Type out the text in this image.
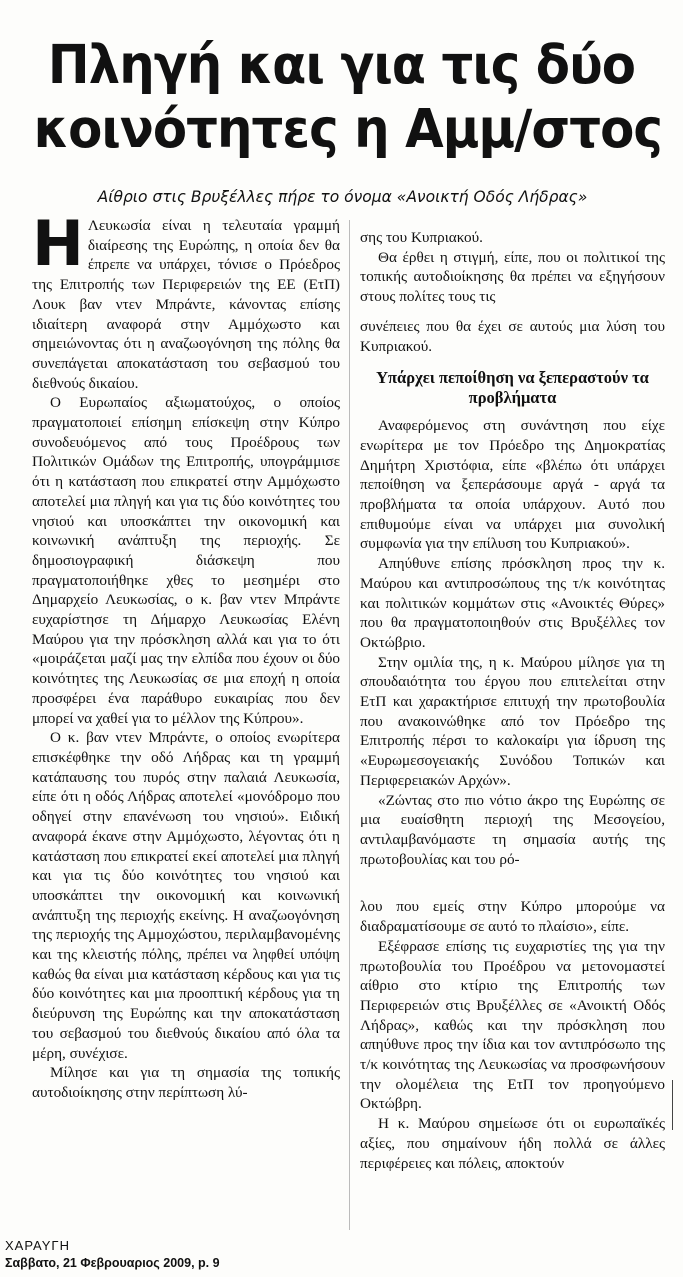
Πληγή και για τις δύο
κοινότητες η Αμμ/στος
Αίθριο στις Βρυξέλλες πήρε το όνομα «Ανοικτή Οδός Λήδρας»

Η Λευκωσία είναι η τελευταία γραμμή διαίρεσης της Ευρώπης, η οποία δεν θα έπρεπε να υπάρχει, τόνισε ο Πρόεδρος της Επιτροπής των Περιφερειών της ΕΕ (ΕτΠ) Λουκ βαν ντεν Μπράντε, κάνοντας επίσης ιδιαίτερη αναφορά στην Αμμόχωστο και σημειώνοντας ότι η αναζωογόνηση της πόλης θα συνεπάγεται αποκατάσταση του σεβασμού του διεθνούς δικαίου.

Ο Ευρωπαίος αξιωματούχος, ο οποίος πραγματοποιεί επίσημη επίσκεψη στην Κύπρο συνοδευόμενος από τους Προέδρους των Πολιτικών Ομάδων της Επιτροπής, υπογράμμισε ότι η κατάσταση που επικρατεί στην Αμμόχωστο αποτελεί μια πληγή και για τις δύο κοινότητες του νησιού και υποσκάπτει την οικονομική και κοινωνική ανάπτυξη της περιοχής. Σε δημοσιογραφική διάσκεψη που πραγματοποιήθηκε χθες το μεσημέρι στο Δημαρχείο Λευκωσίας, ο κ. βαν ντεν Μπράντε ευχαρίστησε τη Δήμαρχο Λευκωσίας Ελένη Μαύρου για την πρόσκληση αλλά και για το ότι «μοιράζεται μαζί μας την ελπίδα που έχουν οι δύο κοινότητες της Λευκωσίας σε μια εποχή η οποία προσφέρει ένα παράθυρο ευκαιρίας που δεν μπορεί να χαθεί για το μέλλον της Κύπρου».

Ο κ. βαν ντεν Μπράντε, ο οποίος ενωρίτερα επισκέφθηκε την οδό Λήδρας και τη γραμμή κατάπαυσης του πυρός στην παλαιά Λευκωσία, είπε ότι η οδός Λήδρας αποτελεί «μονόδρομο που οδηγεί στην επανένωση του νησιού». Ειδική αναφορά έκανε στην Αμμόχωστο, λέγοντας ότι η κατάσταση που επικρατεί εκεί αποτελεί μια πληγή και για τις δύο κοινότητες του νησιού και υποσκάπτει την οικονομική και κοινωνική ανάπτυξη της περιοχής εκείνης. Η αναζωογόνηση της περιοχής της Αμμοχώστου, περιλαμβανομένης και της κλειστής πόλης, πρέπει να ληφθεί υπόψη καθώς θα είναι μια κατάσταση κέρδους και για τις δύο κοινότητες και μια προοπτική κέρδους για τη διεύρυνση της Ευρώπης και την αποκατάσταση του σεβασμού του διεθνούς δικαίου από όλα τα μέρη, συνέχισε.

Μίλησε και για τη σημασία της τοπικής αυτοδιοίκησης στην περίπτωση λύ-

σης του Κυπριακού.

Θα έρθει η στιγμή, είπε, που οι πολιτικοί της τοπικής αυτοδιοίκησης θα πρέπει να εξηγήσουν στους πολίτες τους τις

συνέπειες που θα έχει σε αυτούς μια λύση του Κυπριακού.

Υπάρχει πεποίθηση να ξεπεραστούν τα προβλήματα

Αναφερόμενος στη συνάντηση που είχε ενωρίτερα με τον Πρόεδρο της Δημοκρατίας Δημήτρη Χριστόφια, είπε «βλέπω ότι υπάρχει πεποίθηση να ξεπεράσουμε αργά - αργά τα προβλήματα τα οποία υπάρχουν. Αυτό που επιθυμούμε είναι να υπάρχει μια συνολική συμφωνία για την επίλυση του Κυπριακού».

Απηύθυνε επίσης πρόσκληση προς την κ. Μαύρου και αντιπροσώπους της τ/κ κοινότητας και πολιτικών κομμάτων στις «Ανοικτές Θύρες» που θα πραγματοποιηθούν στις Βρυξέλλες τον Οκτώβριο.

Στην ομιλία της, η κ. Μαύρου μίλησε για τη σπουδαιότητα του έργου που επιτελείται στην ΕτΠ και χαρακτήρισε επιτυχή την πρωτοβουλία που ανακοινώθηκε από τον Πρόεδρο της Επιτροπής πέρσι το καλοκαίρι για ίδρυση της «Ευρωμεσογειακής Συνόδου Τοπικών και Περιφερειακών Αρχών».

«Ζώντας στο πιο νότιο άκρο της Ευρώπης σε μια ευαίσθητη περιοχή της Μεσογείου, αντιλαμβανόμαστε τη σημασία αυτής της πρωτοβουλίας και του ρό-

λου που εμείς στην Κύπρο μπορούμε να διαδραματίσουμε σε αυτό το πλαίσιο», είπε.

Εξέφρασε επίσης τις ευχαριστίες της για την πρωτοβουλία του Προέδρου να μετονομαστεί αίθριο στο κτίριο της Επιτροπής των Περιφερειών στις Βρυξέλλες σε «Ανοικτή Οδός Λήδρας», καθώς και την πρόσκληση που απηύθυνε προς την ίδια και τον αντιπρόσωπο της τ/κ κοινότητας της Λευκωσίας να προσφωνήσουν την ολομέλεια της ΕτΠ τον προηγούμενο Οκτώβρη.

Η κ. Μαύρου σημείωσε ότι οι ευρωπαϊκές αξίες, που σημαίνουν ήδη πολλά σε άλλες περιφέρειες και πόλεις, αποκτούν

ΧΑΡΑΥΓΗ
Σαββατο, 21 Φεβρουαριος 2009, p. 9
